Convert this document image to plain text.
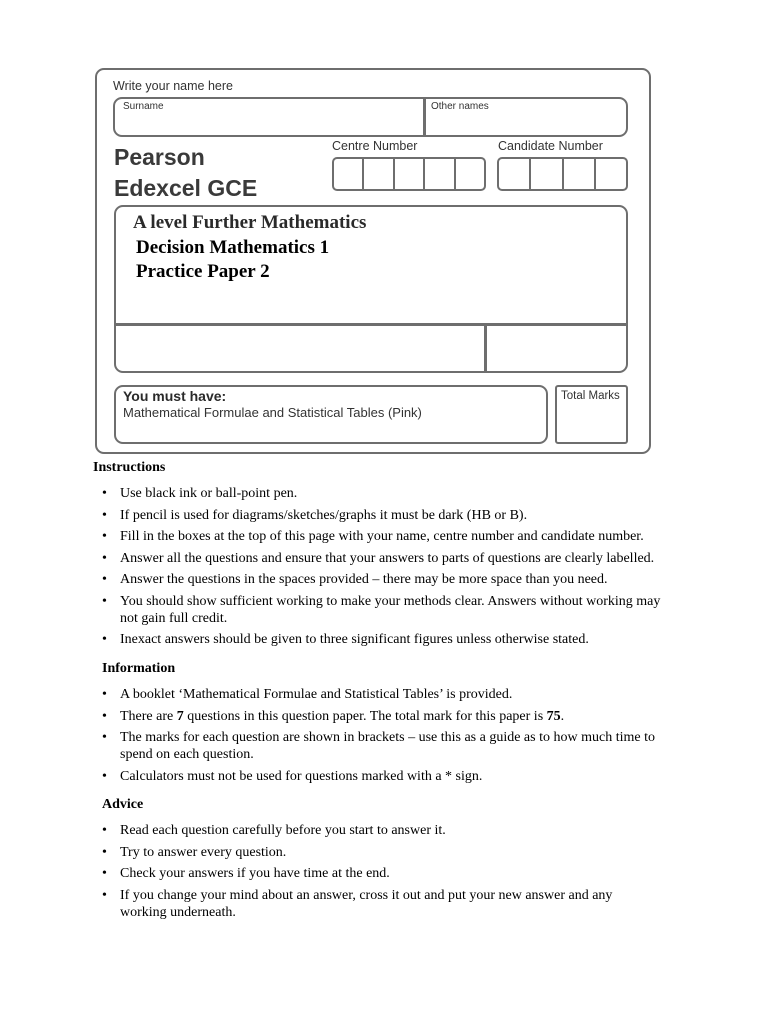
Write your name here
Surname	Other names
Pearson
Edexcel GCE
Centre Number	Candidate Number
A level Further Mathematics
Decision Mathematics 1
Practice Paper 2
You must have:
Mathematical Formulae and Statistical Tables (Pink)
Total Marks
Instructions
• Use black ink or ball-point pen.
• If pencil is used for diagrams/sketches/graphs it must be dark (HB or B).
• Fill in the boxes at the top of this page with your name, centre number and candidate number.
• Answer all the questions and ensure that your answers to parts of questions are clearly labelled.
• Answer the questions in the spaces provided – there may be more space than you need.
• You should show sufficient working to make your methods clear. Answers without working may not gain full credit.
• Inexact answers should be given to three significant figures unless otherwise stated.
Information
• A booklet ‘Mathematical Formulae and Statistical Tables’ is provided.
• There are 7 questions in this question paper. The total mark for this paper is 75.
• The marks for each question are shown in brackets – use this as a guide as to how much time to spend on each question.
• Calculators must not be used for questions marked with a * sign.
Advice
• Read each question carefully before you start to answer it.
• Try to answer every question.
• Check your answers if you have time at the end.
• If you change your mind about an answer, cross it out and put your new answer and any working underneath.
